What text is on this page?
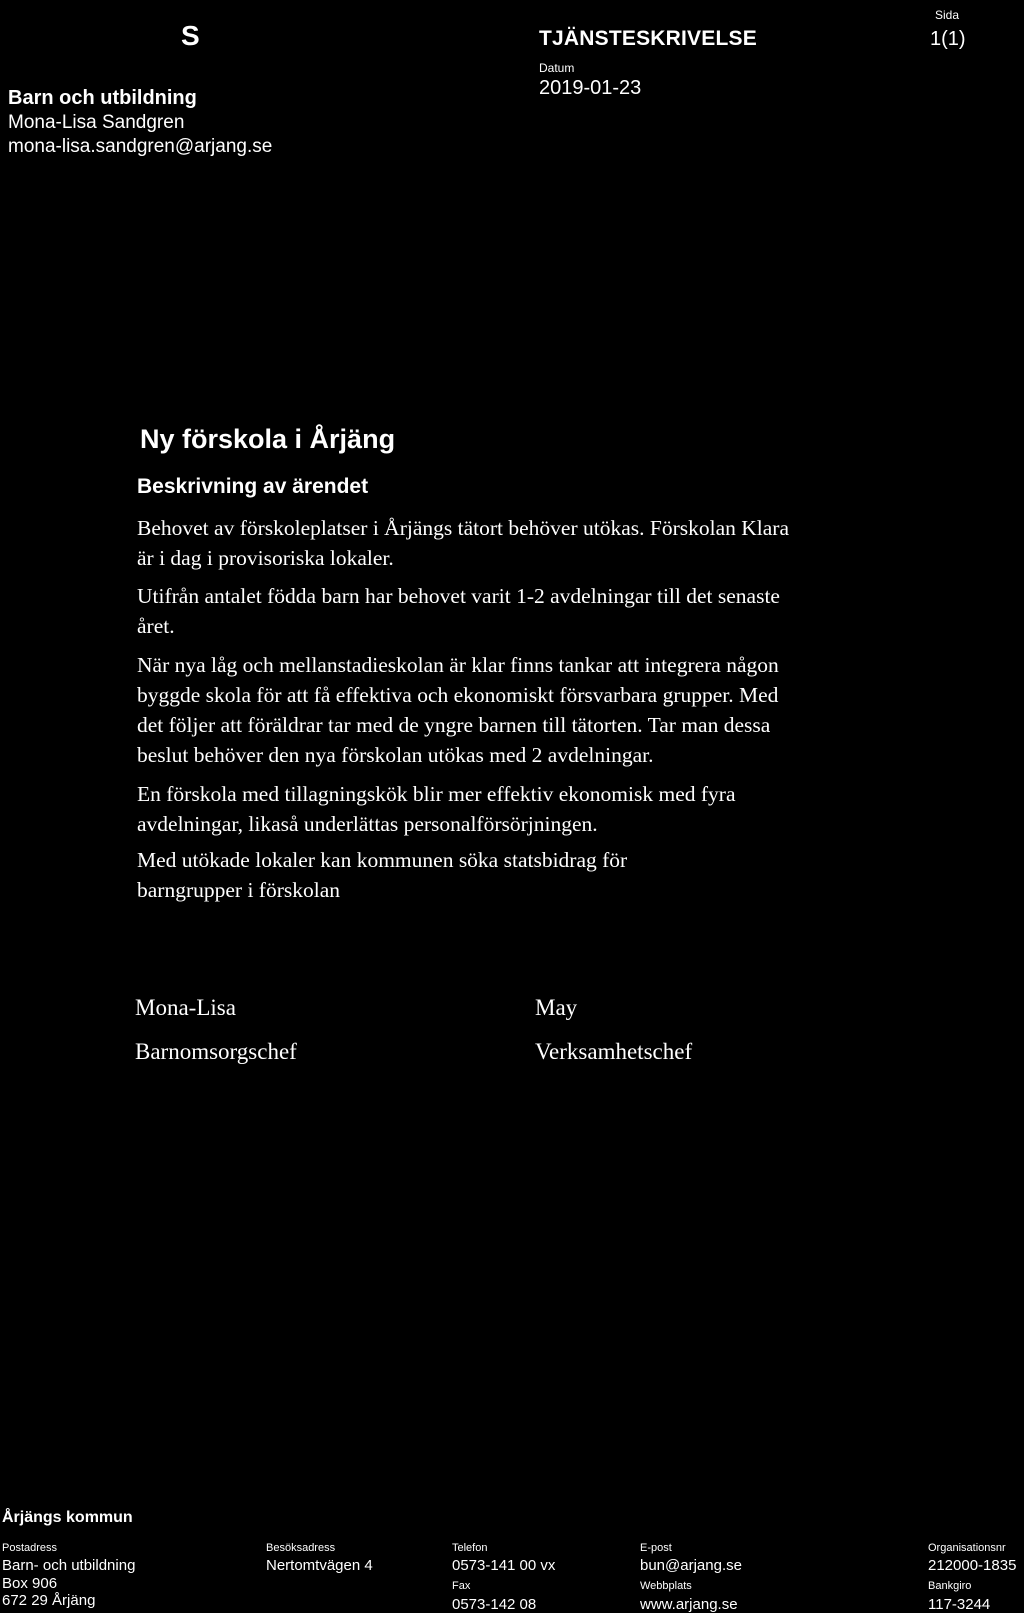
S
Barn och utbildning
Mona-Lisa Sandgren
mona-lisa.sandgren@arjang.se
TJÄNSTESKRIVELSE
Datum
2019-01-23
Sida
1(1)
Ny förskola i Årjäng
Beskrivning av ärendet
Behovet av förskoleplatser i Årjängs tätort behöver utökas. Förskolan Klara
är i dag i provisoriska lokaler.
Utifrån antalet födda barn har behovet varit 1-2 avdelningar till det senaste
året.
När nya låg och mellanstadieskolan är klar finns tankar att integrera någon
byggde skola för att få effektiva och ekonomiskt försvarbara grupper. Med
det följer att föräldrar tar med de yngre barnen till tätorten. Tar man dessa
beslut behöver den nya förskolan utökas med 2 avdelningar.
En förskola med tillagningskök blir mer effektiv ekonomisk med fyra
avdelningar, likaså underlättas personalförsörjningen.
Med utökade lokaler kan kommunen söka statsbidrag för
barngrupper i förskolan
Mona-Lisa
Barnomsorgschef
May
Verksamhetschef
Årjängs kommun
Postadress
Barn- och utbildning
Box 906
672 29 Årjäng
Besöksadress
Nertomtvägen 4
Telefon
0573-141 00 vx
Fax
0573-142 08
E-post
bun@arjang.se
Webbplats
www.arjang.se
Organisationsnr
212000-1835
Bankgiro
117-3244
